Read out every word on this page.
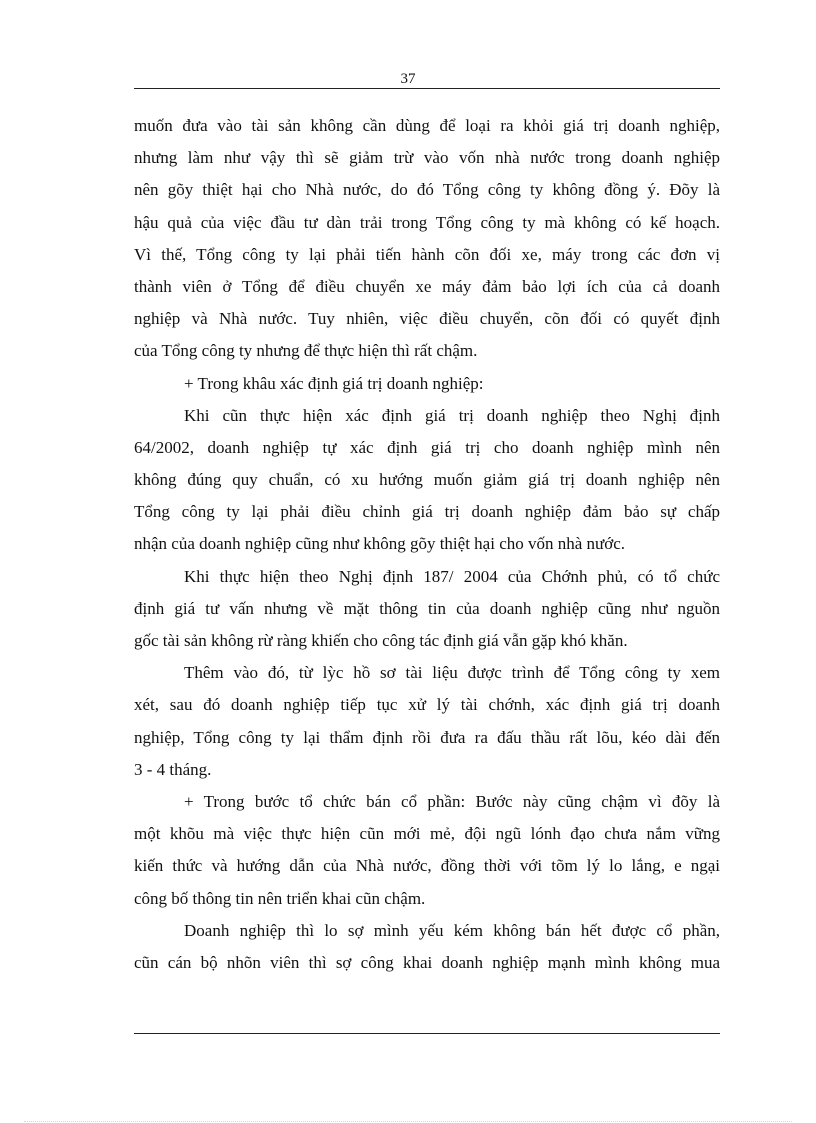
37
muốn đưa vào tài sản không cần dùng để loại ra khỏi giá trị doanh nghiệp,
nhưng làm như vậy thì sẽ giảm trừ vào vốn nhà nước trong doanh nghiệp
nên gõy thiệt hại cho Nhà nước, do đó Tổng công ty không đồng ý. Đõy là
hậu quả của việc đầu tư dàn trải trong Tổng công ty mà không có kế hoạch.
Vì thế, Tổng công ty lại phải tiến hành cõn đối xe, máy trong các đơn vị
thành viên ở Tổng để điều chuyển xe máy đảm bảo lợi ích của cả doanh
nghiệp và Nhà nước. Tuy nhiên, việc điều chuyển, cõn đối có quyết định
của Tổng công ty nhưng để thực hiện thì rất chậm.
+ Trong khâu xác định giá trị doanh nghiệp:
Khi cũn thực hiện xác định giá trị doanh nghiệp theo Nghị định
64/2002, doanh nghiệp tự xác định giá trị cho doanh nghiệp mình nên
không đúng quy chuẩn, có xu hướng muốn giảm giá trị doanh nghiệp nên
Tổng công ty lại phải điều chỉnh giá trị doanh nghiệp đảm bảo sự chấp
nhận của doanh nghiệp cũng như không gõy thiệt hại cho vốn nhà nước.
Khi thực hiện theo Nghị định 187/ 2004 của Chớnh phủ, có tổ chức
định giá tư vấn nhưng về mặt thông tin của doanh nghiệp cũng như nguồn
gốc tài sản không rừ ràng khiến cho công tác định giá vẫn gặp khó khăn.
Thêm vào đó, từ lỳc hồ sơ tài liệu được trình để Tổng công ty xem
xét, sau đó doanh nghiệp tiếp tục xử lý tài chớnh, xác định giá trị doanh
nghiệp, Tổng công ty lại thẩm định rồi đưa ra đấu thầu rất lõu, kéo dài đến
3 - 4 tháng.
+ Trong bước tổ chức bán cổ phần: Bước này cũng chậm vì đõy là
một khõu mà việc thực hiện cũn mới mẻ, đội ngũ lónh đạo chưa nắm vững
kiến thức và hướng dẫn của Nhà nước, đồng thời với tõm lý lo lắng, e ngại
công bố thông tin nên triển khai cũn chậm.
Doanh nghiệp thì lo sợ mình yếu kém không bán hết được cổ phần,
cũn cán bộ nhõn viên thì sợ công khai doanh nghiệp mạnh mình không mua
